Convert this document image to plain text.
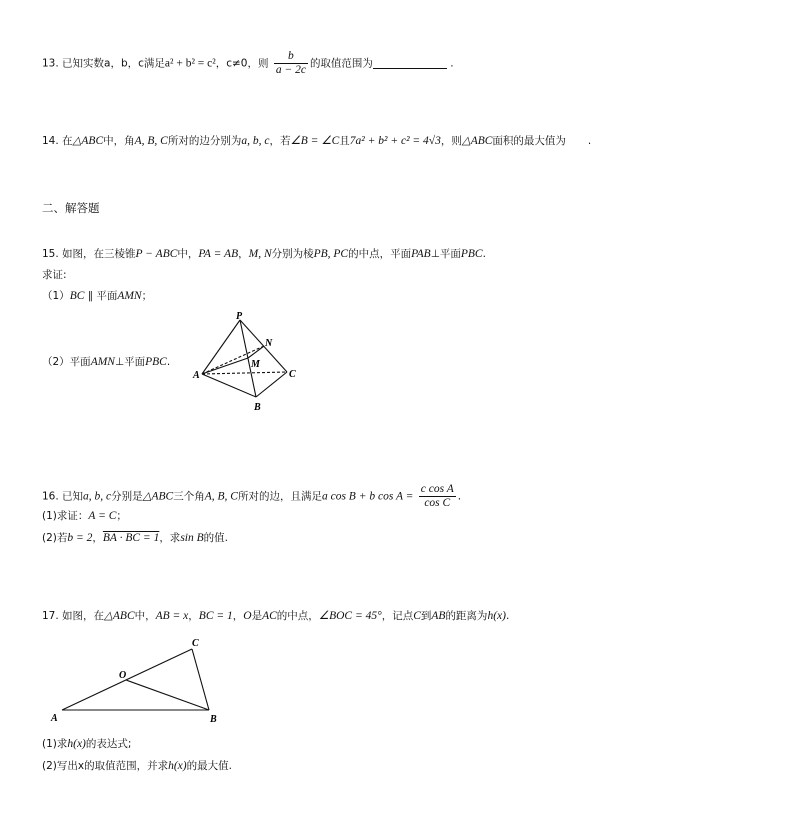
13. 已知实数a，b，c满足a² + b² = c²，c≠0，则 $\frac{b}{a - 2c}$ 的取值范围为	.
14. 在△ABC中，角A, B, C所对的边分别为a, b, c，若∠B = ∠C且7a² + b² + c² = 4√3，则△ABC面积的最大值为 .
二、解答题
15. 如图，在三棱锥P − ABC中，PA = AB，M, N分别为棱PB, PC的中点，平面PAB⊥平面PBC.
求证:
（1）BC ∥ 平面AMN；
（2）平面AMN⊥平面PBC.
P
A
B
C
M
N
16. 已知a, b, c分别是△ABC三个角A, B, C所对的边，且满足a cos B + b $\cos A = \frac{\text{c cos A}}{\text{cos C}}$ .
(1)求证：A = C；
(2)若b = 2，BA · BC = 1，求sin B的值.
17. 如图，在△ABC中，AB = x，BC = 1，O是AC的中点，∠BOC = 45°，记点C到AB的距离为h(x).
C
O
A	B
(1)求h(x)的表达式;
(2)写出x的取值范围，并求h(x)的最大值.
